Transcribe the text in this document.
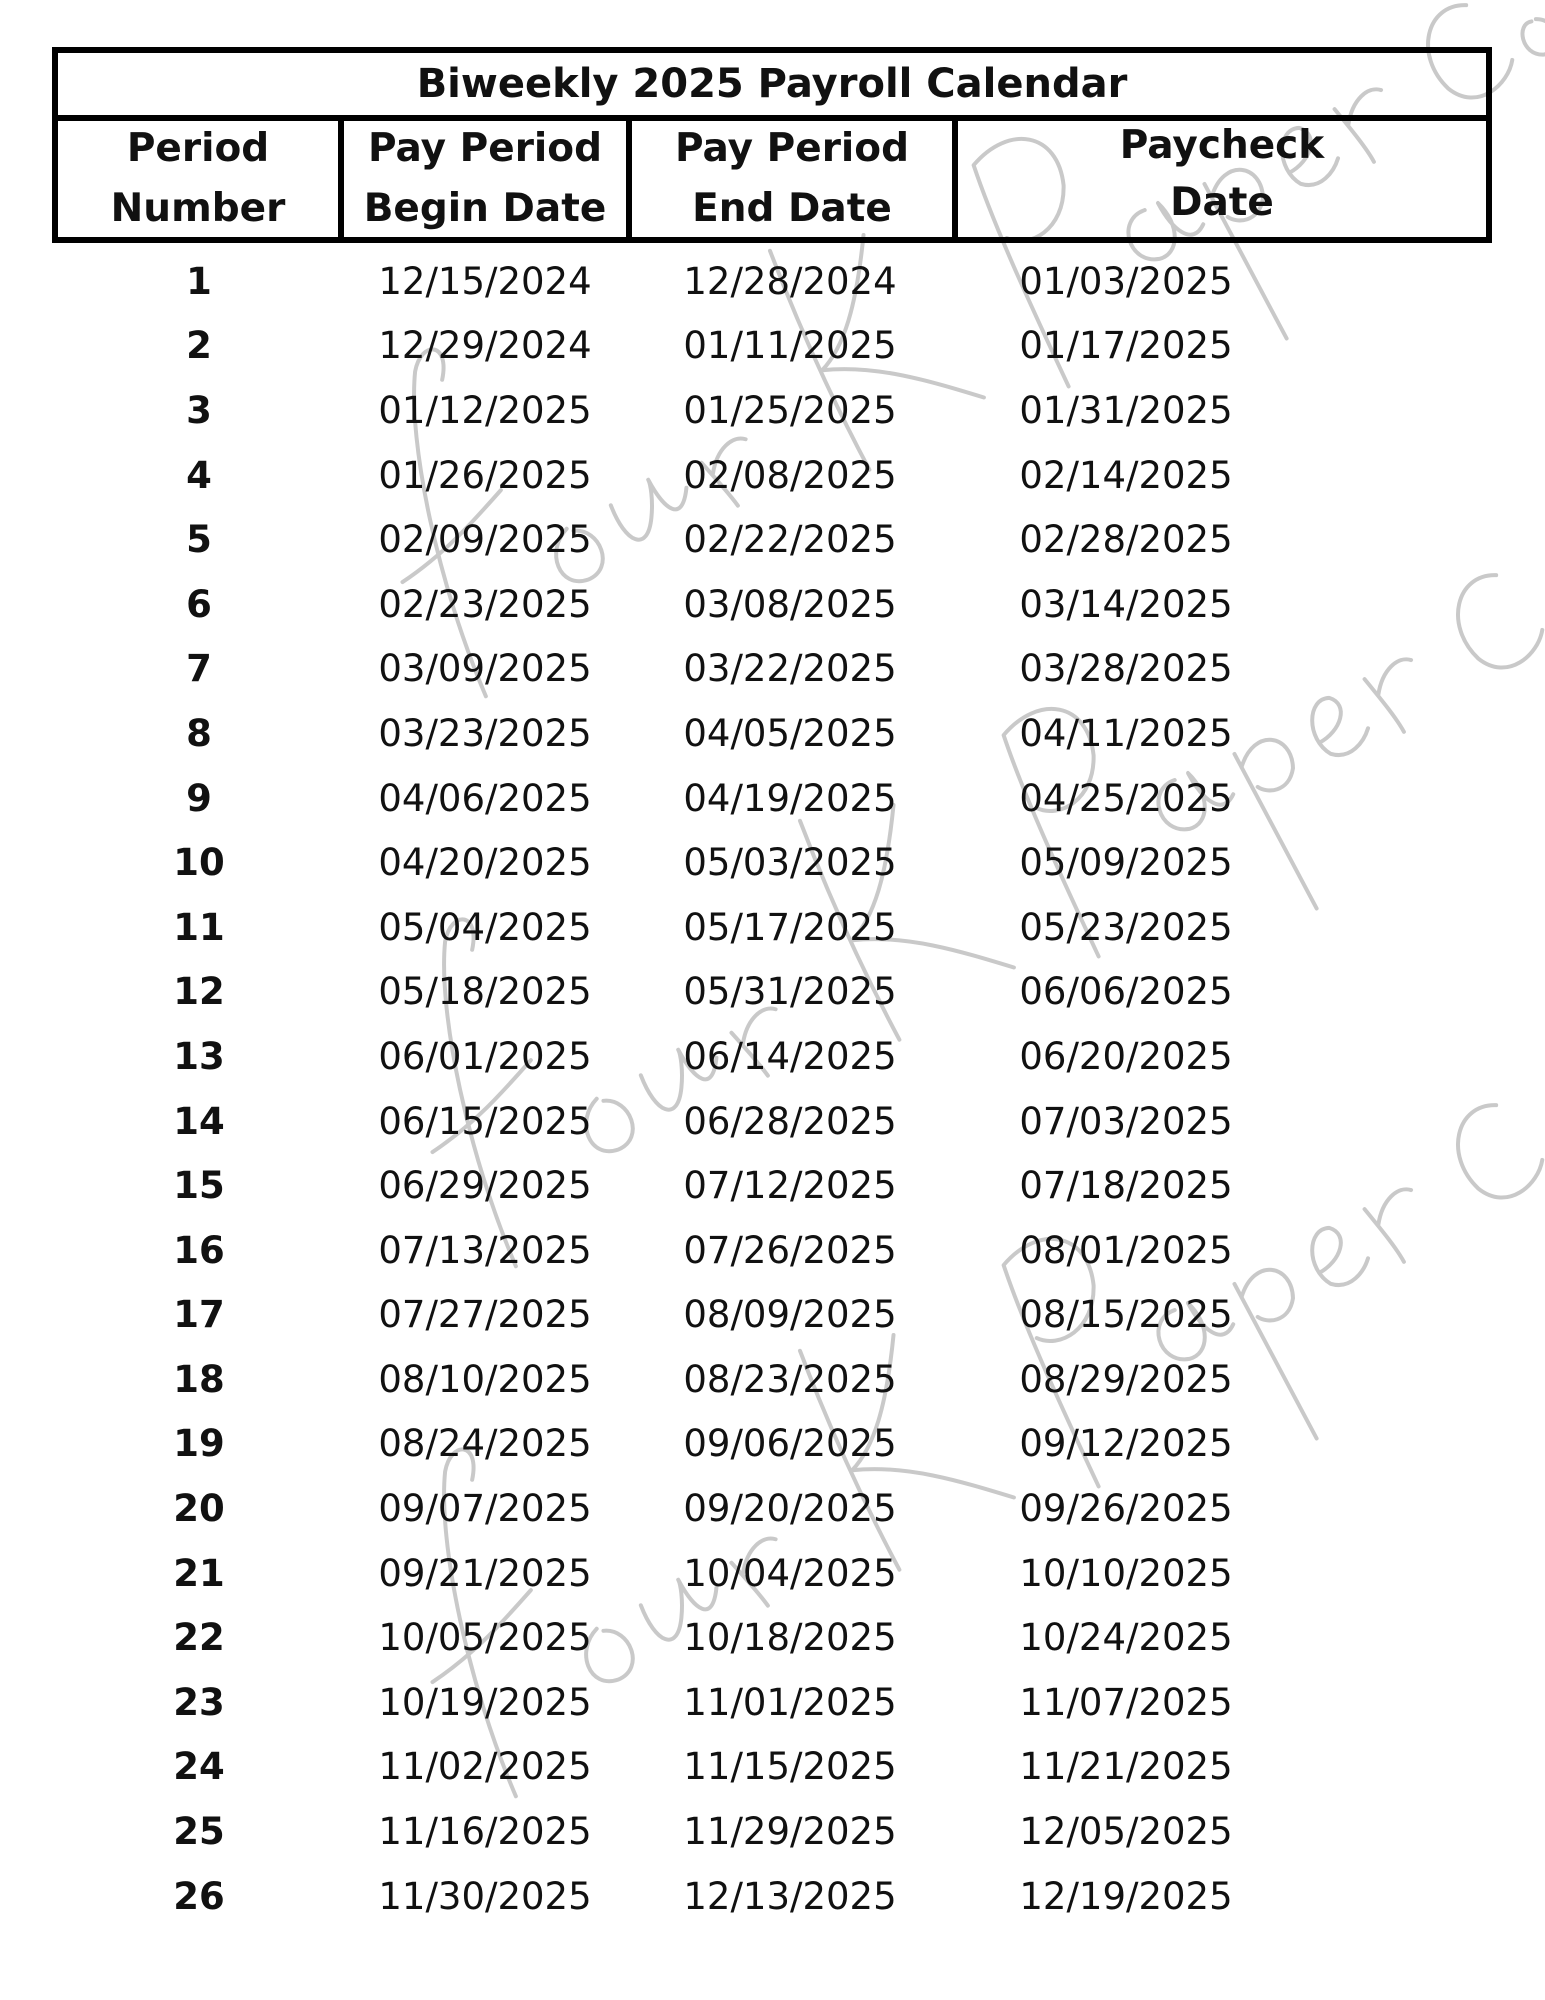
Biweekly 2025 Payroll Calendar
Period
Number
Pay Period
Begin Date
Pay Period
End Date
Paycheck
Date
1	12/15/2024 12/28/2024	01/03/2025
2	12/29/2024 01/11/2025	01/17/2025
3	01/12/2025 01/25/2025	01/31/2025
4	01/26/2025 02/08/2025	02/14/2025
5	02/09/2025 02/22/2025	02/28/2025
6	02/23/2025 03/08/2025	03/14/2025
7	03/09/2025 03/22/2025	03/28/2025
8	03/23/2025 04/05/2025	04/11/2025
9	04/06/2025 04/19/2025	04/25/2025
10	04/20/2025 05/03/2025	05/09/2025
11	05/04/2025 05/17/2025	05/23/2025
12	05/18/2025 05/31/2025	06/06/2025
13	06/01/2025 06/14/2025	06/20/2025
14	06/15/2025 06/28/2025	07/03/2025
15	06/29/2025 07/12/2025	07/18/2025
16	07/13/2025 07/26/2025	08/01/2025
17	07/27/2025 08/09/2025	08/15/2025
18	08/10/2025 08/23/2025	08/29/2025
19	08/24/2025 09/06/2025	09/12/2025
20	09/07/2025 09/20/2025	09/26/2025
21	09/21/2025 10/04/2025	10/10/2025
22	10/05/2025 10/18/2025	10/24/2025
23	10/19/2025 11/01/2025	11/07/2025
24	11/02/2025 11/15/2025	11/21/2025
25	11/16/2025 11/29/2025	12/05/2025
26	11/30/2025 12/13/2025	12/19/2025
